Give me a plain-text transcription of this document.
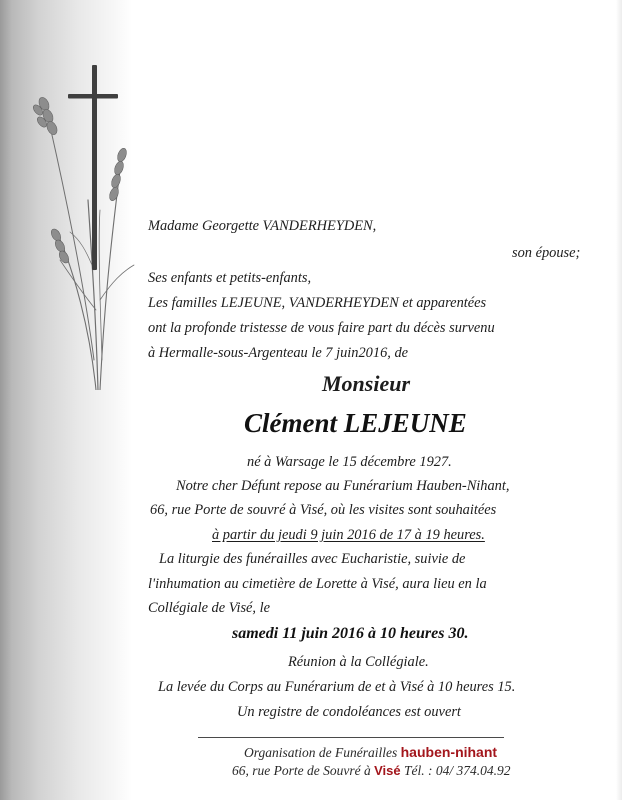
Madame Georgette VANDERHEYDEN,

son épouse;

Ses enfants et petits-enfants,

Les familles LEJEUNE, VANDERHEYDEN et apparentées

ont la profonde tristesse de vous faire part du décès survenu

à Hermalle-sous-Argenteau le 7 juin2016, de

Monsieur

Clément LEJEUNE

né à Warsage le 15 décembre 1927.

Notre cher Défunt repose au Funérarium Hauben-Nihant,

66, rue Porte de souvré à Visé, où les visites sont souhaitées

à partir du jeudi 9 juin 2016 de 17 à 19 heures.

La liturgie des funérailles avec Eucharistie, suivie de

l'inhumation au cimetière de Lorette à Visé, aura lieu en la

Collégiale de Visé, le

samedi 11 juin 2016 à 10 heures 30.

Réunion à la Collégiale.

La levée du Corps au Funérarium de et à Visé à 10 heures 15.

Un registre de condoléances est ouvert

Organisation de Funérailles hauben-nihant

66, rue Porte de Souvré à Visé Tél. : 04/ 374.04.92
